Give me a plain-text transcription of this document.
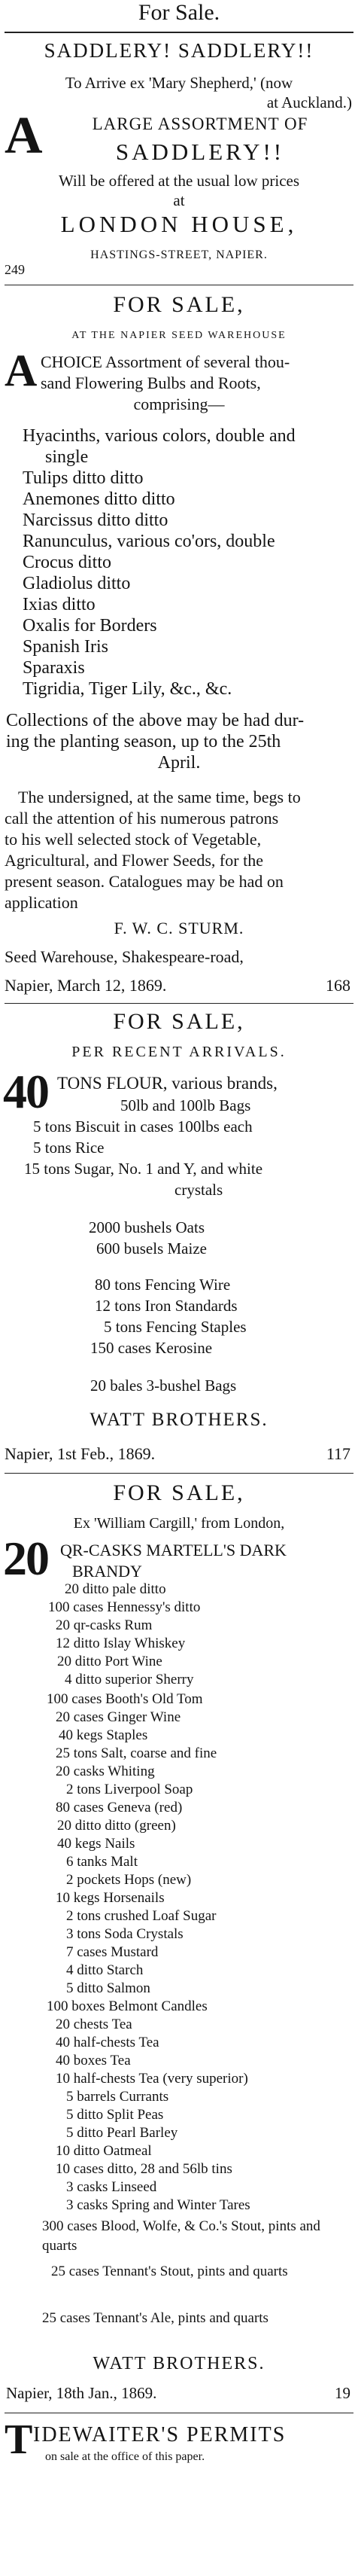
For Sale.
SADDLERY! SADDLERY!!
To Arrive ex 'Mary Shepherd,' (now
at Auckland.)
A	LARGE ASSORTMENT OF
SADDLERY!!
Will be offered at the usual low prices
at
LONDON HOUSE,
HASTINGS-STREET, NAPIER.
249
FOR SALE,
AT THE NAPIER SEED WAREHOUSE
A CHOICE Assortment of several thou-
sand Flowering Bulbs and Roots,
comprising—
Hyacinths, various colors, double and
single
Tulips ditto ditto
Anemones ditto ditto
Narcissus ditto ditto
Ranunculus, various co'ors, double
Crocus ditto
Gladiolus ditto
Ixias ditto
Oxalis for Borders
Spanish Iris
Sparaxis
Tigridia, Tiger Lily, &c., &c.
Collections of the above may be had dur-
ing the planting season, up to the 25th
April.
The undersigned, at the same time, begs to
call the attention of his numerous patrons
to his well selected stock of Vegetable,
Agricultural, and Flower Seeds, for the
present season. Catalogues may be had on
application
F. W. C. STURM.
Seed Warehouse, Shakespeare-road,
Napier, March 12, 1869.	168
FOR SALE,
PER RECENT ARRIVALS.
40 TONS FLOUR, various brands,
50lb and 100lb Bags
5 tons Biscuit in cases 100lbs each
5 tons Rice
15 tons Sugar, No. 1 and Y, and white
crystals
2000 bushels Oats
600 busels Maize
80 tons Fencing Wire
12 tons Iron Standards
5 tons Fencing Staples
150 cases Kerosine
20 bales 3-bushel Bags
WATT BROTHERS.
Napier, 1st Feb., 1869.	117
FOR SALE,
Ex 'William Cargill,' from London,
20 QR-CASKS MARTELL'S DARK
BRANDY
20 ditto pale ditto
100 cases Hennessy's ditto
20 qr-casks Rum
12 ditto Islay Whiskey
20 ditto Port Wine
4 ditto superior Sherry
100 cases Booth's Old Tom
20 cases Ginger Wine
40 kegs Staples
25 tons Salt, coarse and fine
20 casks Whiting
2 tons Liverpool Soap
80 cases Geneva (red)
20 ditto ditto (green)
40 kegs Nails
6 tanks Malt
2 pockets Hops (new)
10 kegs Horsenails
2 tons crushed Loaf Sugar
3 tons Soda Crystals
7 cases Mustard
4 ditto Starch
5 ditto Salmon
100 boxes Belmont Candles
20 chests Tea
40 half-chests Tea
40 boxes Tea
10 half-chests Tea (very superior)
5 barrels Currants
5 ditto Split Peas
5 ditto Pearl Barley
10 ditto Oatmeal
10 cases ditto, 28 and 56lb tins
3 casks Linseed
3 casks Spring and Winter Tares
300 cases Blood, Wolfe, & Co.'s Stout, pints and quarts
25 cases Tennant's Stout, pints and quarts
25 cases Tennant's Ale, pints and quarts
WATT BROTHERS.
Napier, 18th Jan., 1869.	19
T IDEWAITER'S PERMITS
on sale at the office of this paper.
